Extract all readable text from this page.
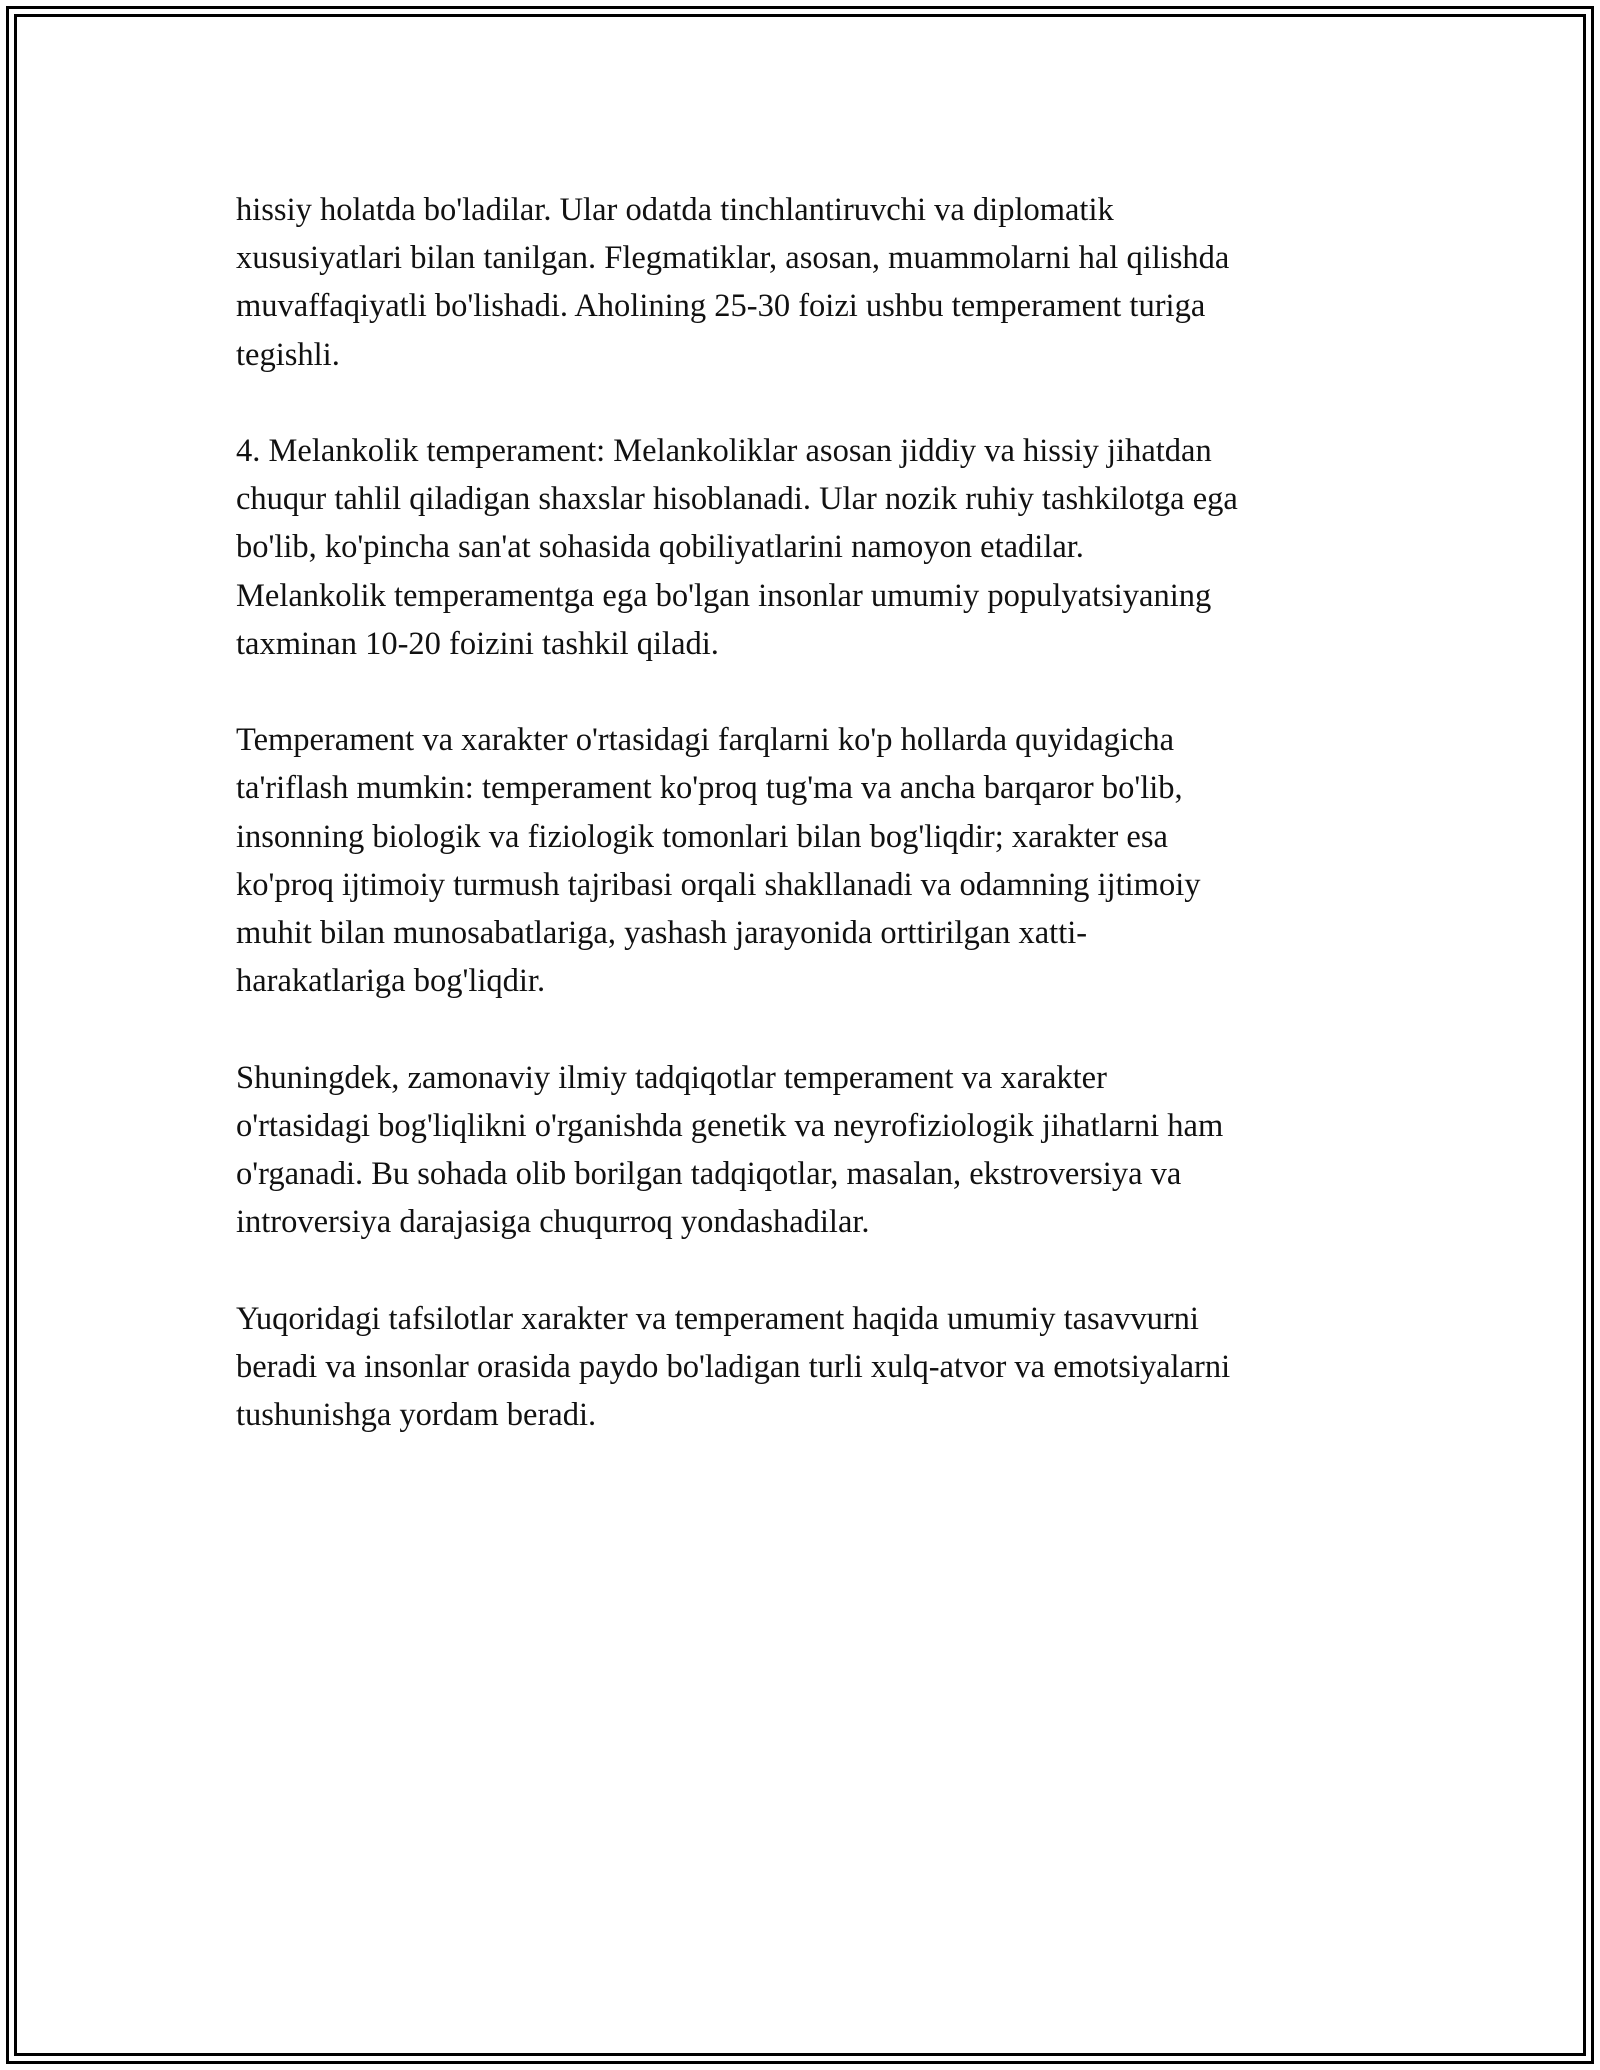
hissiy holatda bo'ladilar. Ular odatda tinchlantiruvchi va diplomatik
xususiyatlari bilan tanilgan. Flegmatiklar, asosan, muammolarni hal qilishda
muvaffaqiyatli bo'lishadi. Aholining 25-30 foizi ushbu temperament turiga
tegishli.

4. Melankolik temperament: Melankoliklar asosan jiddiy va hissiy jihatdan
chuqur tahlil qiladigan shaxslar hisoblanadi. Ular nozik ruhiy tashkilotga ega
bo'lib, ko'pincha san'at sohasida qobiliyatlarini namoyon etadilar.
Melankolik temperamentga ega bo'lgan insonlar umumiy populyatsiyaning
taxminan 10-20 foizini tashkil qiladi.

Temperament va xarakter o'rtasidagi farqlarni ko'p hollarda quyidagicha
ta'riflash mumkin: temperament ko'proq tug'ma va ancha barqaror bo'lib,
insonning biologik va fiziologik tomonlari bilan bog'liqdir; xarakter esa
ko'proq ijtimoiy turmush tajribasi orqali shakllanadi va odamning ijtimoiy
muhit bilan munosabatlariga, yashash jarayonida orttirilgan xatti-
harakatlariga bog'liqdir.

Shuningdek, zamonaviy ilmiy tadqiqotlar temperament va xarakter
o'rtasidagi bog'liqlikni o'rganishda genetik va neyrofiziologik jihatlarni ham
o'rganadi. Bu sohada olib borilgan tadqiqotlar, masalan, ekstroversiya va
introversiya darajasiga chuqurroq yondashadilar.

Yuqoridagi tafsilotlar xarakter va temperament haqida umumiy tasavvurni
beradi va insonlar orasida paydo bo'ladigan turli xulq-atvor va emotsiyalarni
tushunishga yordam beradi.
